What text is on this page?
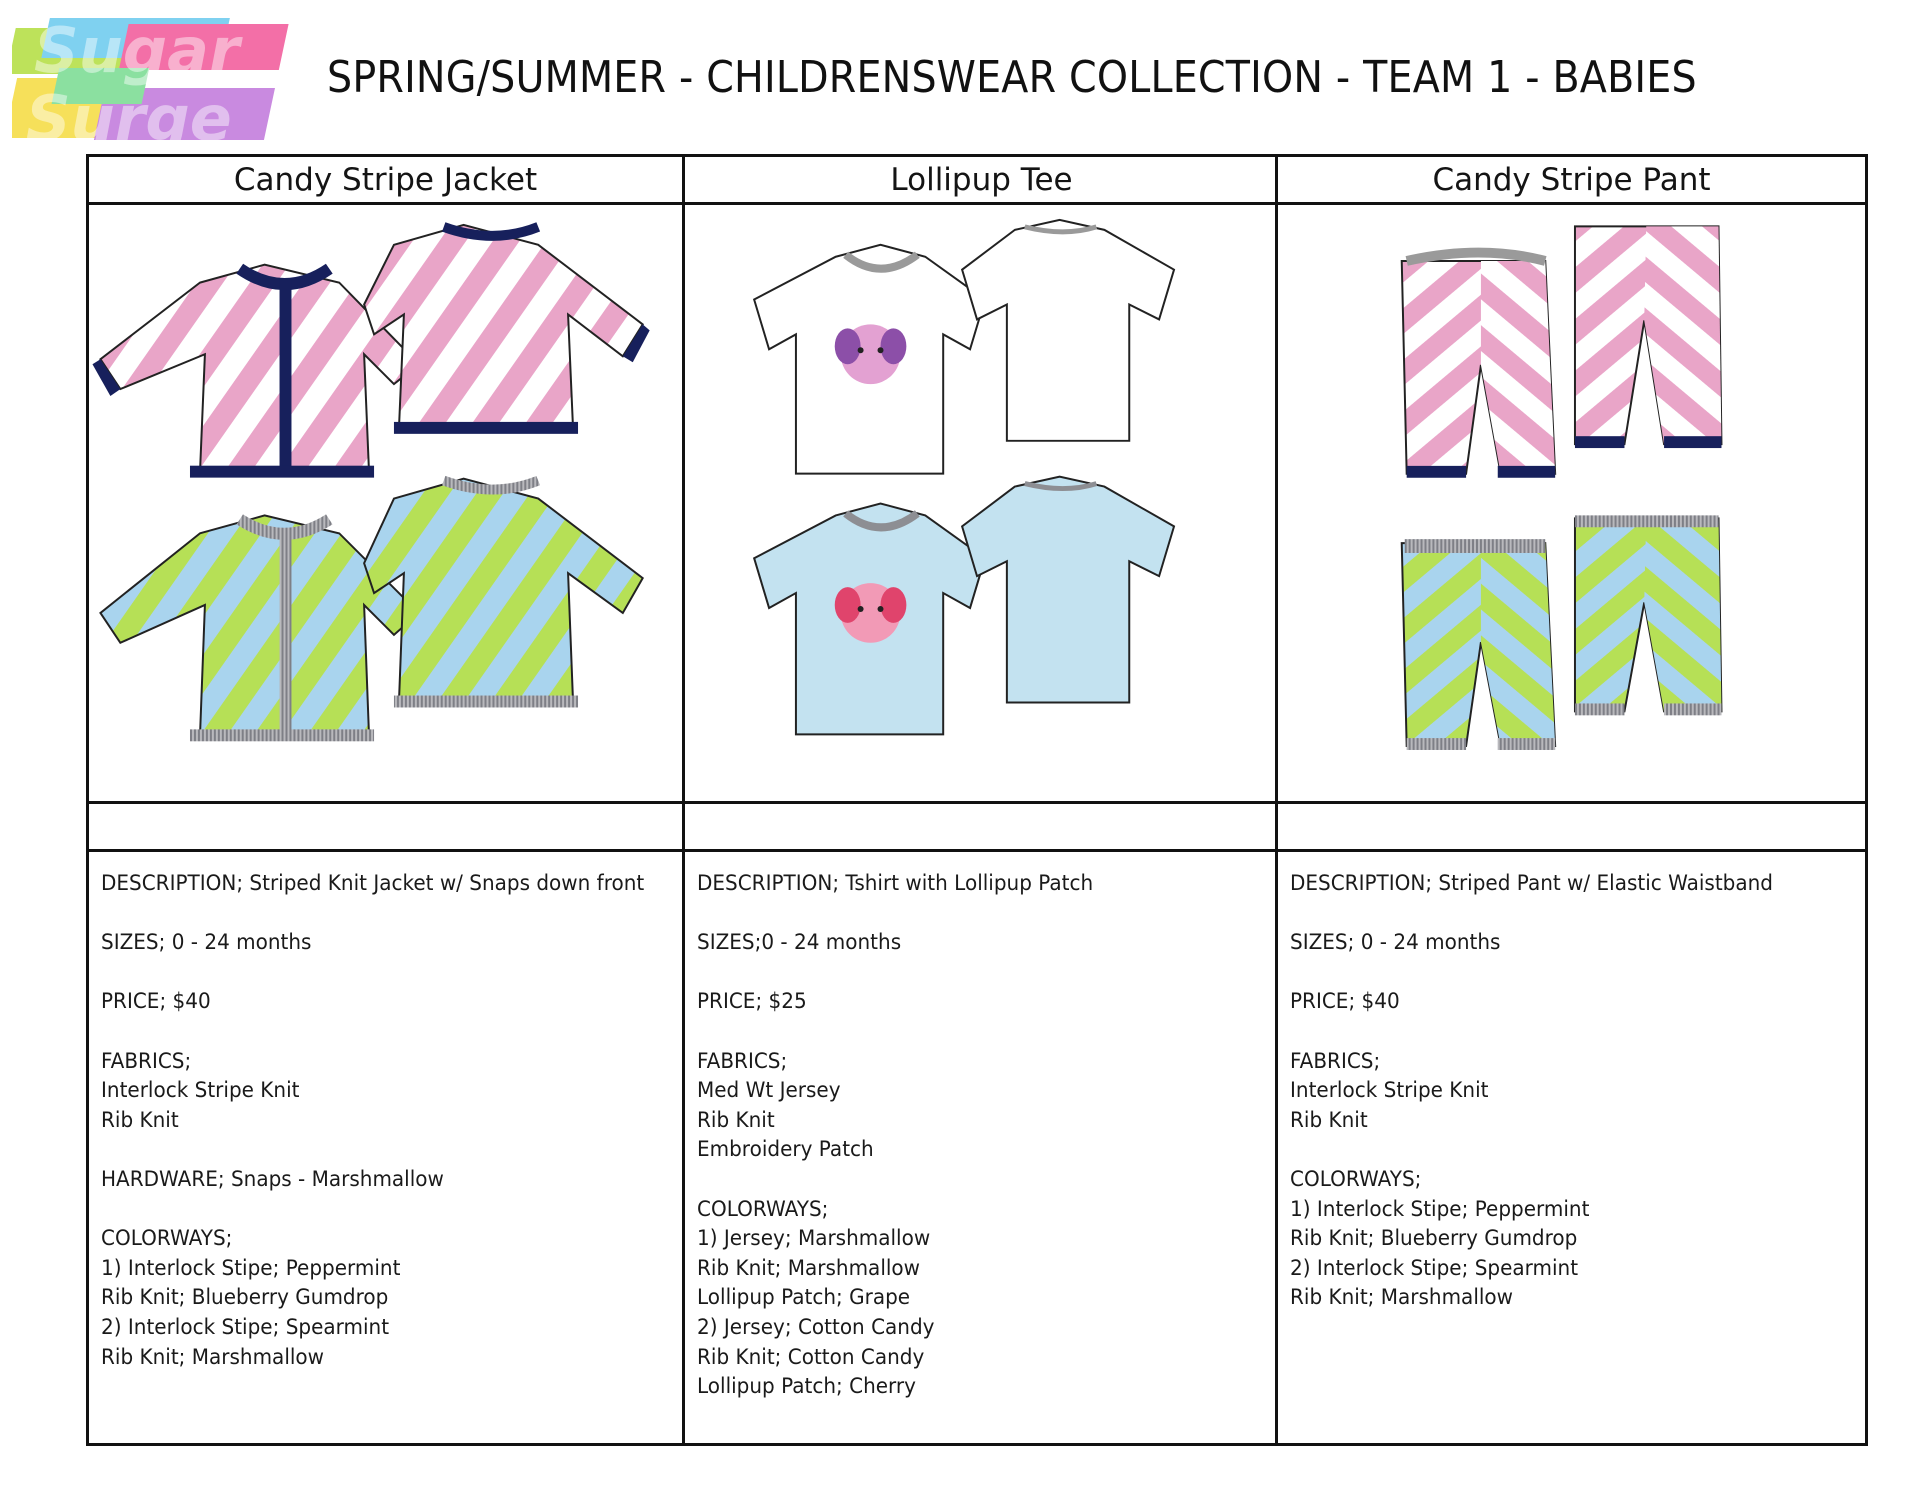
Sugar
Surge
SPRING/SUMMER - CHILDRENSWEAR COLLECTION - TEAM 1 - BABIES
Candy Stripe Jacket

DESCRIPTION; Striped Knit Jacket w/ Snaps down front

SIZES; 0 - 24 months

PRICE; $40

FABRICS;
Interlock Stripe Knit
Rib Knit

HARDWARE; Snaps - Marshmallow

COLORWAYS;
1) Interlock Stipe; Peppermint
Rib Knit; Blueberry Gumdrop
2) Interlock Stipe; Spearmint
Rib Knit; Marshmallow

Lollipup Tee

DESCRIPTION; Tshirt with Lollipup Patch

SIZES;0 - 24 months

PRICE; $25

FABRICS;
Med Wt Jersey
Rib Knit
Embroidery Patch

COLORWAYS;
1) Jersey; Marshmallow
Rib Knit; Marshmallow
Lollipup Patch; Grape
2) Jersey; Cotton Candy
Rib Knit; Cotton Candy
Lollipup Patch; Cherry

Candy Stripe Pant

DESCRIPTION; Striped Pant w/ Elastic Waistband

SIZES; 0 - 24 months

PRICE; $40

FABRICS;
Interlock Stripe Knit
Rib Knit

COLORWAYS;
1) Interlock Stipe; Peppermint
Rib Knit; Blueberry Gumdrop
2) Interlock Stipe; Spearmint
Rib Knit; Marshmallow
